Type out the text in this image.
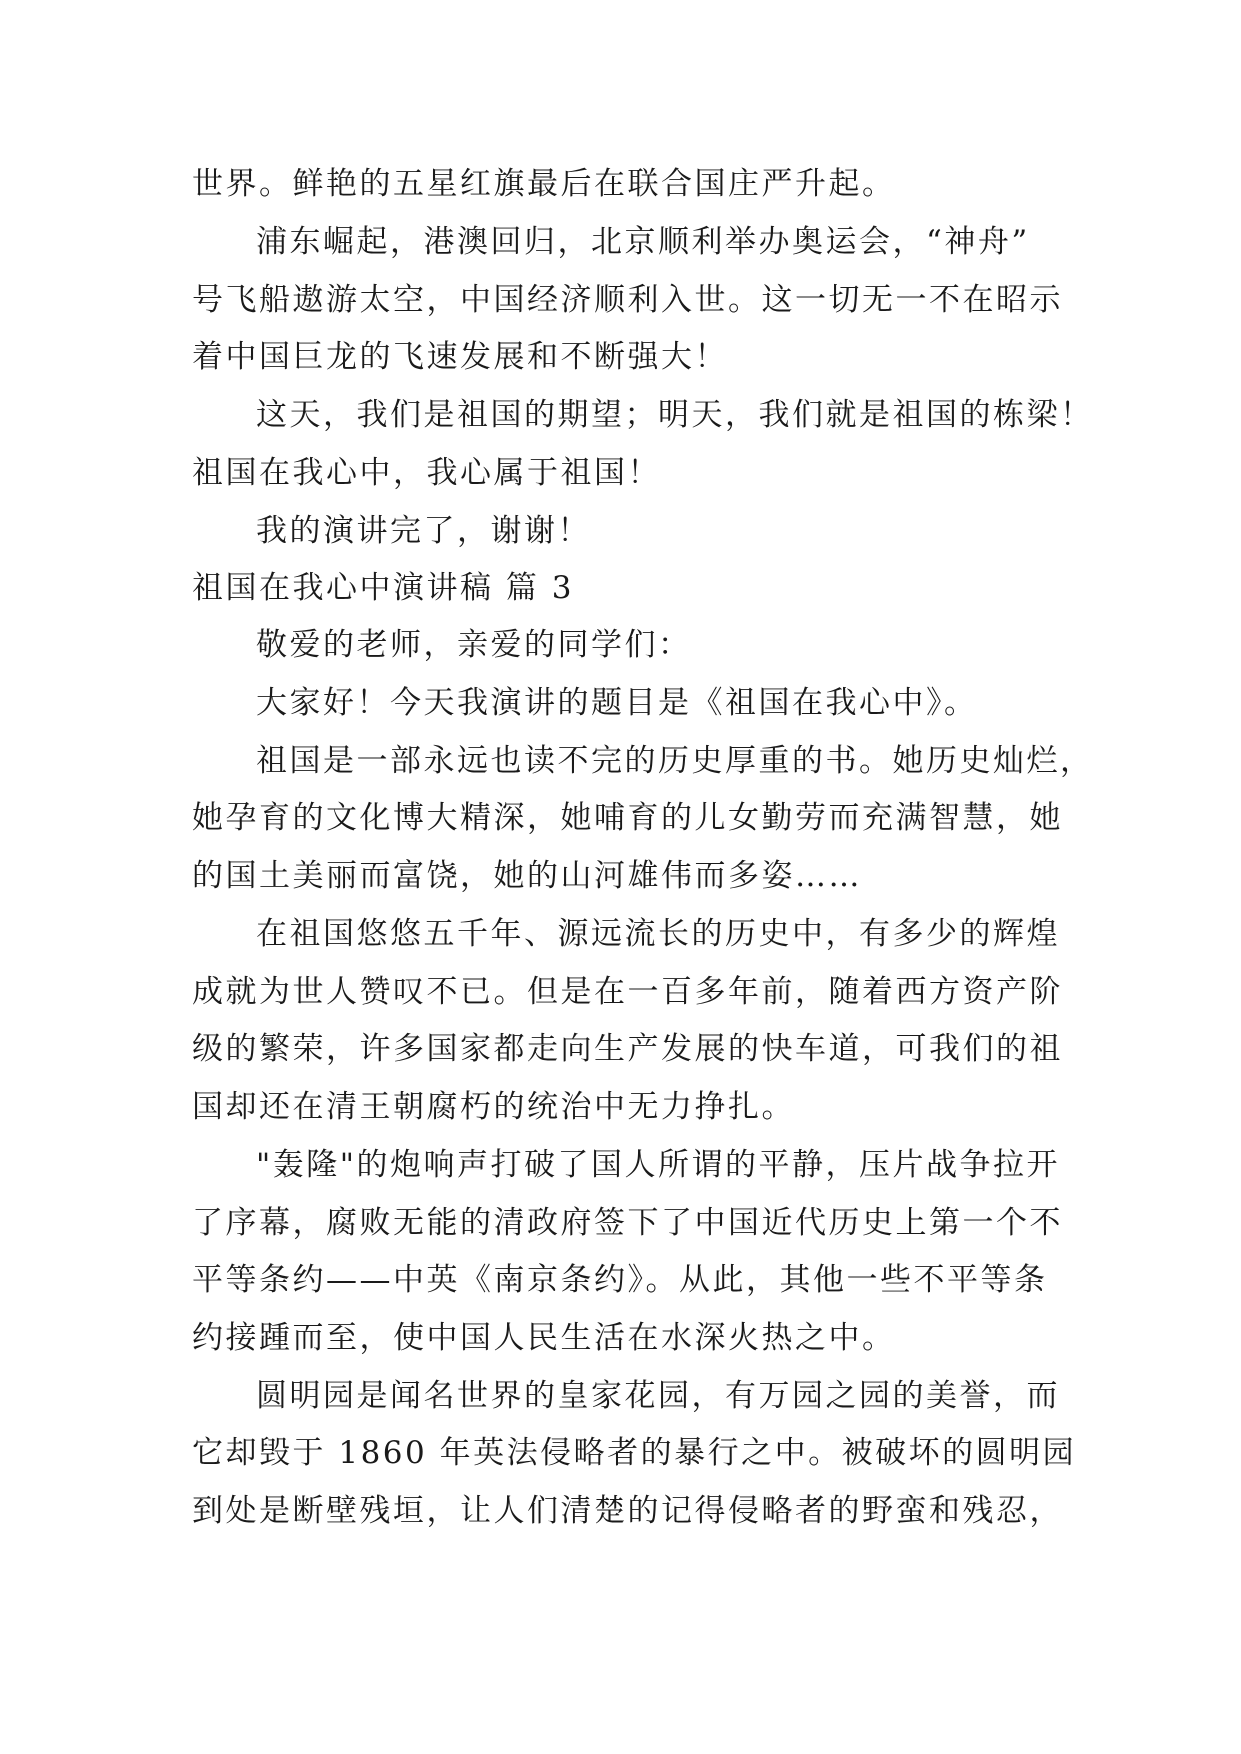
世界。鲜艳的五星红旗最后在联合国庄严升起。
浦东崛起，港澳回归，北京顺利举办奥运会，“神舟”
号飞船遨游太空，中国经济顺利入世。这一切无一不在昭示
着中国巨龙的飞速发展和不断强大！
这天，我们是祖国的期望；明天，我们就是祖国的栋梁！
祖国在我心中，我心属于祖国！
我的演讲完了，谢谢！
祖国在我心中演讲稿 篇 3
敬爱的老师，亲爱的同学们：
大家好！今天我演讲的题目是《祖国在我心中》。
祖国是一部永远也读不完的历史厚重的书。她历史灿烂，
她孕育的文化博大精深，她哺育的儿女勤劳而充满智慧，她
的国土美丽而富饶，她的山河雄伟而多姿……
在祖国悠悠五千年、源远流长的历史中，有多少的辉煌
成就为世人赞叹不已。但是在一百多年前，随着西方资产阶
级的繁荣，许多国家都走向生产发展的快车道，可我们的祖
国却还在清王朝腐朽的统治中无力挣扎。
"轰隆"的炮响声打破了国人所谓的平静，压片战争拉开
了序幕，腐败无能的清政府签下了中国近代历史上第一个不
平等条约——中英《南京条约》。从此，其他一些不平等条
约接踵而至，使中国人民生活在水深火热之中。
圆明园是闻名世界的皇家花园，有万园之园的美誉，而
它却毁于 1860 年英法侵略者的暴行之中。被破坏的圆明园
到处是断壁残垣，让人们清楚的记得侵略者的野蛮和残忍，
